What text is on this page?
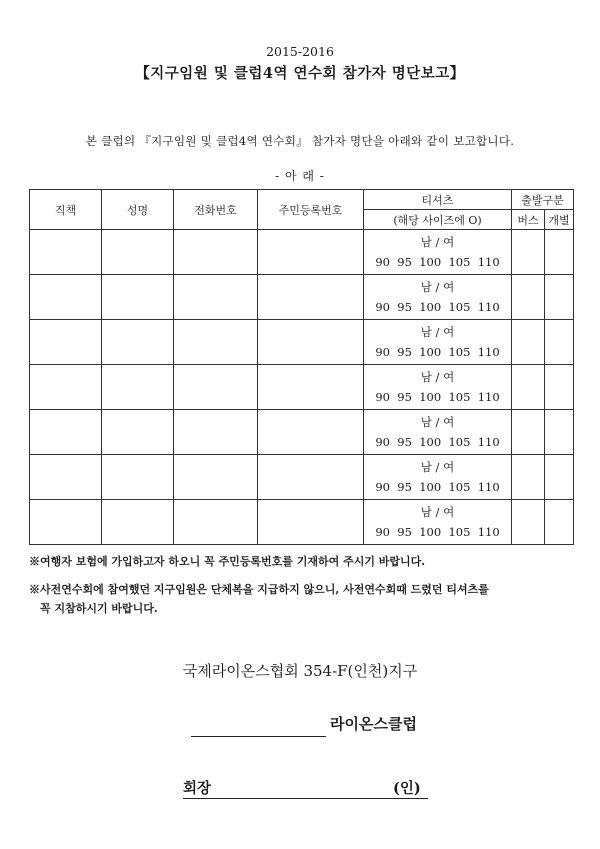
2015-2016
【지구임원 및 클럽4역 연수회 참가자 명단보고】
본 클럽의 『지구임원 및 클럽4역 연수회』 참가자 명단을 아래와 같이 보고합니다.
- 아 래 -
직책	성명	전화번호	주민등록번호	티셔츠	출발구분	
				(해당 사이즈에 O)	버스	개별

				남 / 여
90  95  100  105  110		

				남 / 여
90  95  100  105  110		

				남 / 여
90  95  100  105  110		

				남 / 여
90  95  100  105  110		

				남 / 여
90  95  100  105  110		

				남 / 여
90  95  100  105  110		

				남 / 여
90  95  100  105  110		

※여행자 보험에 가입하고자 하오니 꼭 주민등록번호를 기재하여 주시기 바랍니다.
※사전연수회에 참여했던 지구임원은 단체복을 지급하지 않으니, 사전연수회때 드렸던 티셔츠를
꼭 지참하시기 바랍니다.
국제라이온스협회 354-F(인천)지구
라이온스클럽
회장	(인)
